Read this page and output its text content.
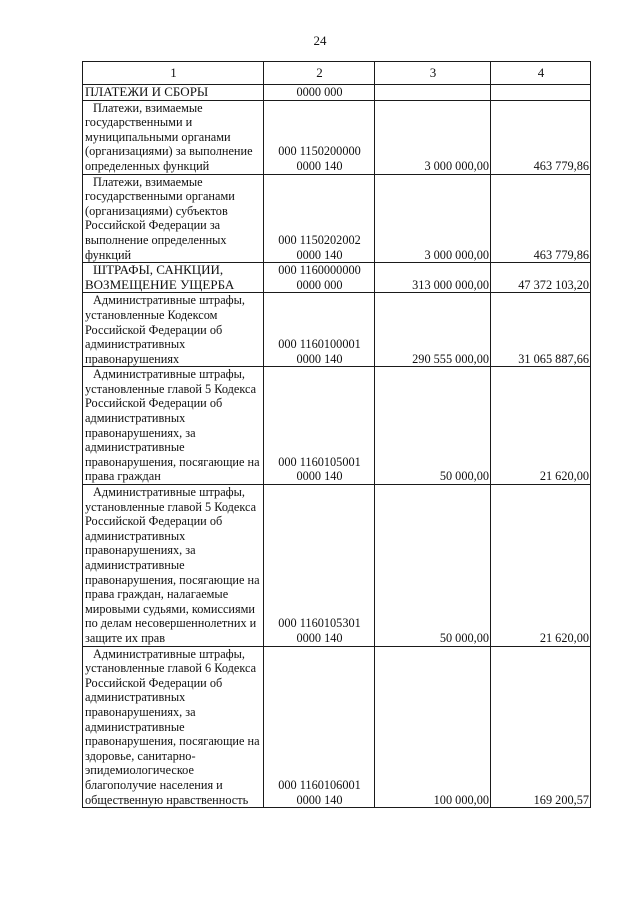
24
1	2	3	4
ПЛАТЕЖИ И СБОРЫ	0000 000		
Платежи, взимаемые государственными и муниципальными органами (организациями) за выполнение определенных функций	000 1150200000
0000 140	3 000 000,00	463 779,86
Платежи, взимаемые государственными органами (организациями) субъектов Российской Федерации за выполнение определенных функций	000 1150202002
0000 140	3 000 000,00	463 779,86
ШТРАФЫ, САНКЦИИ, ВОЗМЕЩЕНИЕ УЩЕРБА	000 1160000000
0000 000	313 000 000,00	47 372 103,20
Административные штрафы, установленные Кодексом Российской Федерации об административных правонарушениях	000 1160100001
0000 140	290 555 000,00	31 065 887,66
Административные штрафы, установленные главой 5 Кодекса Российской Федерации об административных правонарушениях, за административные правонарушения, посягающие на права граждан	000 1160105001
0000 140	50 000,00	21 620,00
Административные штрафы, установленные главой 5 Кодекса Российской Федерации об административных правонарушениях, за административные правонарушения, посягающие на права граждан, налагаемые мировыми судьями, комиссиями по делам несовершеннолетних и защите их прав	000 1160105301
0000 140	50 000,00	21 620,00
Административные штрафы, установленные главой 6 Кодекса Российской Федерации об административных правонарушениях, за административные правонарушения, посягающие на здоровье, санитарно-эпидемиологическое благополучие населения и общественную нравственность	000 1160106001
0000 140	100 000,00	169 200,57
